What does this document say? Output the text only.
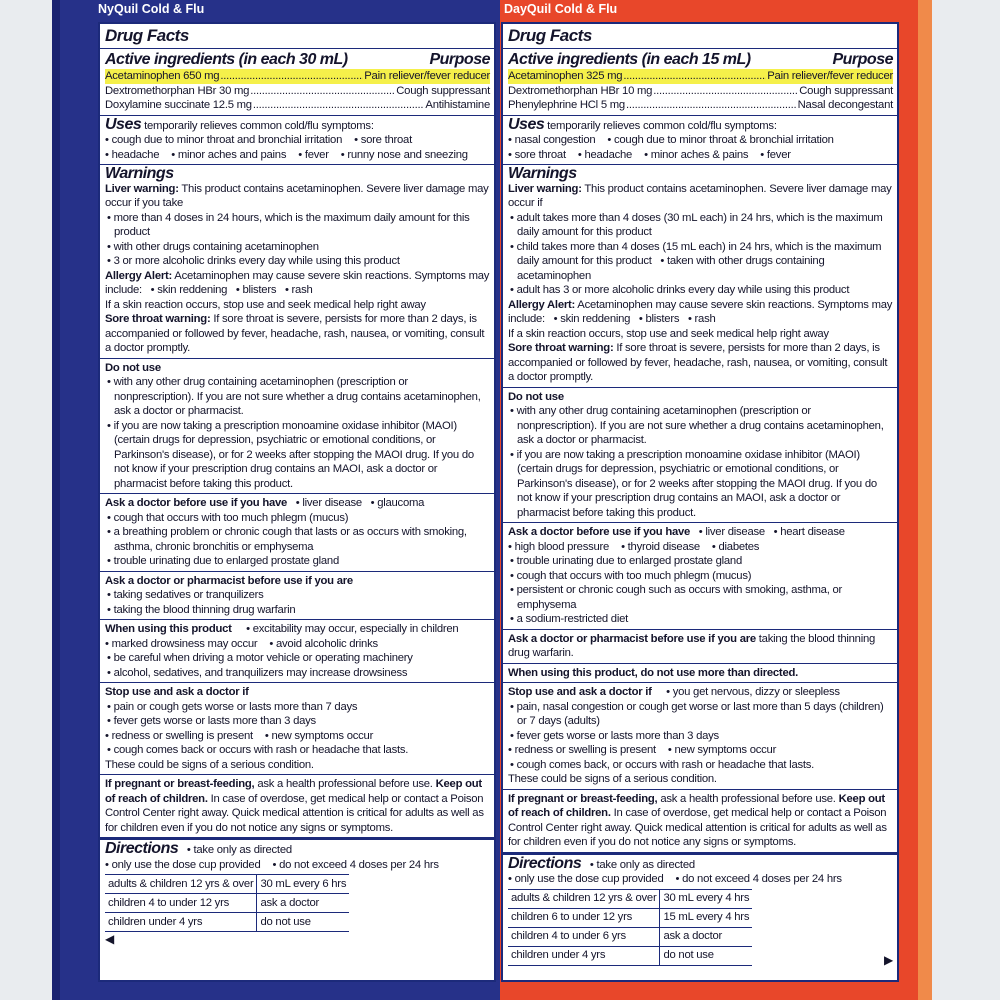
NyQuil Cold & Flu	DayQuil Cold & Flu
Drug Facts
Active ingredients (in each 30 mL)	Purpose
Acetaminophen 650 mg .....	Pain reliever/fever reducer
Dextromethorphan HBr 30 mg .....	Cough suppressant
Doxylamine succinate 12.5 mg .....	Antihistamine
Uses temporarily relieves common cold/flu symptoms:
• cough due to minor throat and bronchial irritation	• sore throat
• headache	• minor aches and pains	• fever	• runny nose and sneezing
Warnings
Liver warning: This product contains acetaminophen. Severe liver damage may occur if you take
• more than 4 doses in 24 hours, which is the maximum daily amount for this product
• with other drugs containing acetaminophen
• 3 or more alcoholic drinks every day while using this product
Allergy Alert: Acetaminophen may cause severe skin reactions. Symptoms may include: • skin reddening • blisters • rash
If a skin reaction occurs, stop use and seek medical help right away
Sore throat warning: If sore throat is severe, persists for more than 2 days, is accompanied or followed by fever, headache, rash, nausea, or vomiting, consult a doctor promptly.
Do not use
• with any other drug containing acetaminophen (prescription or nonprescription). If you are not sure whether a drug contains acetaminophen, ask a doctor or pharmacist.
• if you are now taking a prescription monoamine oxidase inhibitor (MAOI) (certain drugs for depression, psychiatric or emotional conditions, or Parkinson's disease), or for 2 weeks after stopping the MAOI drug. If you do not know if your prescription drug contains an MAOI, ask a doctor or pharmacist before taking this product.
Ask a doctor before use if you have • liver disease • glaucoma
• cough that occurs with too much phlegm (mucus)
• a breathing problem or chronic cough that lasts or as occurs with smoking, asthma, chronic bronchitis or emphysema
• trouble urinating due to enlarged prostate gland
Ask a doctor or pharmacist before use if you are
• taking sedatives or tranquilizers
• taking the blood thinning drug warfarin
When using this product • excitability may occur, especially in children
• marked drowsiness may occur	• avoid alcoholic drinks
• be careful when driving a motor vehicle or operating machinery
• alcohol, sedatives, and tranquilizers may increase drowsiness
Stop use and ask a doctor if
• pain or cough gets worse or lasts more than 7 days
• fever gets worse or lasts more than 3 days
• redness or swelling is present	• new symptoms occur
• cough comes back or occurs with rash or headache that lasts.
These could be signs of a serious condition.
If pregnant or breast-feeding, ask a health professional before use. Keep out of reach of children. In case of overdose, get medical help or contact a Poison Control Center right away. Quick medical attention is critical for adults as well as for children even if you do not notice any signs or symptoms.
Directions • take only as directed
• only use the dose cup provided	• do not exceed 4 doses per 24 hrs
adults & children 12 yrs & over	30 mL every 6 hrs
children 4 to under 12 yrs	ask a doctor
children under 4 yrs	do not use
◀
Drug Facts
Active ingredients (in each 15 mL)	Purpose
Acetaminophen 325 mg .....	Pain reliever/fever reducer
Dextromethorphan HBr 10 mg .....	Cough suppressant
Phenylephrine HCl 5 mg .....	Nasal decongestant
Uses temporarily relieves common cold/flu symptoms:
• nasal congestion	• cough due to minor throat & bronchial irritation
• sore throat	• headache	• minor aches & pains	• fever
Warnings
Liver warning: This product contains acetaminophen. Severe liver damage may occur if
• adult takes more than 4 doses (30 mL each) in 24 hrs, which is the maximum daily amount for this product
• child takes more than 4 doses (15 mL each) in 24 hrs, which is the maximum daily amount for this product • taken with other drugs containing acetaminophen
• adult has 3 or more alcoholic drinks every day while using this product
Allergy Alert: Acetaminophen may cause severe skin reactions. Symptoms may include: • skin reddening • blisters • rash
If a skin reaction occurs, stop use and seek medical help right away
Sore throat warning: If sore throat is severe, persists for more than 2 days, is accompanied or followed by fever, headache, rash, nausea, or vomiting, consult a doctor promptly.
Do not use
• with any other drug containing acetaminophen (prescription or nonprescription). If you are not sure whether a drug contains acetaminophen, ask a doctor or pharmacist.
• if you are now taking a prescription monoamine oxidase inhibitor (MAOI) (certain drugs for depression, psychiatric or emotional conditions, or Parkinson's disease), or for 2 weeks after stopping the MAOI drug. If you do not know if your prescription drug contains an MAOI, ask a doctor or pharmacist before taking this product.
Ask a doctor before use if you have • liver disease • heart disease
• high blood pressure	• thyroid disease	• diabetes
• trouble urinating due to enlarged prostate gland
• cough that occurs with too much phlegm (mucus)
• persistent or chronic cough such as occurs with smoking, asthma, or emphysema
• a sodium-restricted diet
Ask a doctor or pharmacist before use if you are taking the blood thinning drug warfarin.
When using this product, do not use more than directed.
Stop use and ask a doctor if • you get nervous, dizzy or sleepless
• pain, nasal congestion or cough get worse or last more than 5 days (children) or 7 days (adults)
• fever gets worse or lasts more than 3 days
• redness or swelling is present	• new symptoms occur
• cough comes back, or occurs with rash or headache that lasts.
These could be signs of a serious condition.
If pregnant or breast-feeding, ask a health professional before use. Keep out of reach of children. In case of overdose, get medical help or contact a Poison Control Center right away. Quick medical attention is critical for adults as well as for children even if you do not notice any signs or symptoms.
Directions • take only as directed
• only use the dose cup provided	• do not exceed 4 doses per 24 hrs
adults & children 12 yrs & over	30 mL every 4 hrs
children 6 to under 12 yrs	15 mL every 4 hrs
children 4 to under 6 yrs	ask a doctor
children under 4 yrs	do not use	▶
